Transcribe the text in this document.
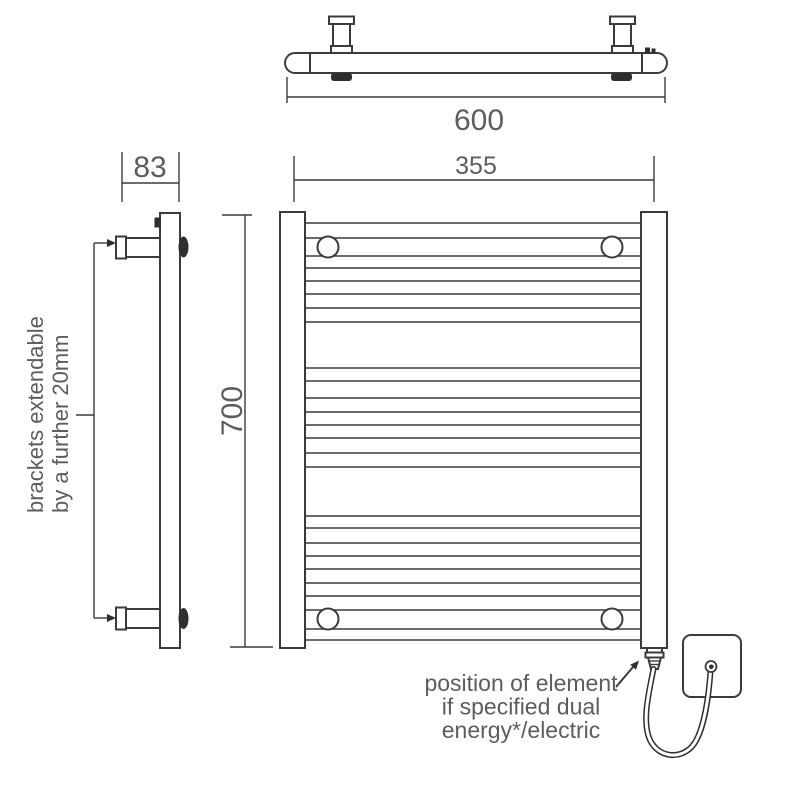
600
brackets extendable by a further 20mm
83	355
700
position of element
if specified dual
energy*/electric
